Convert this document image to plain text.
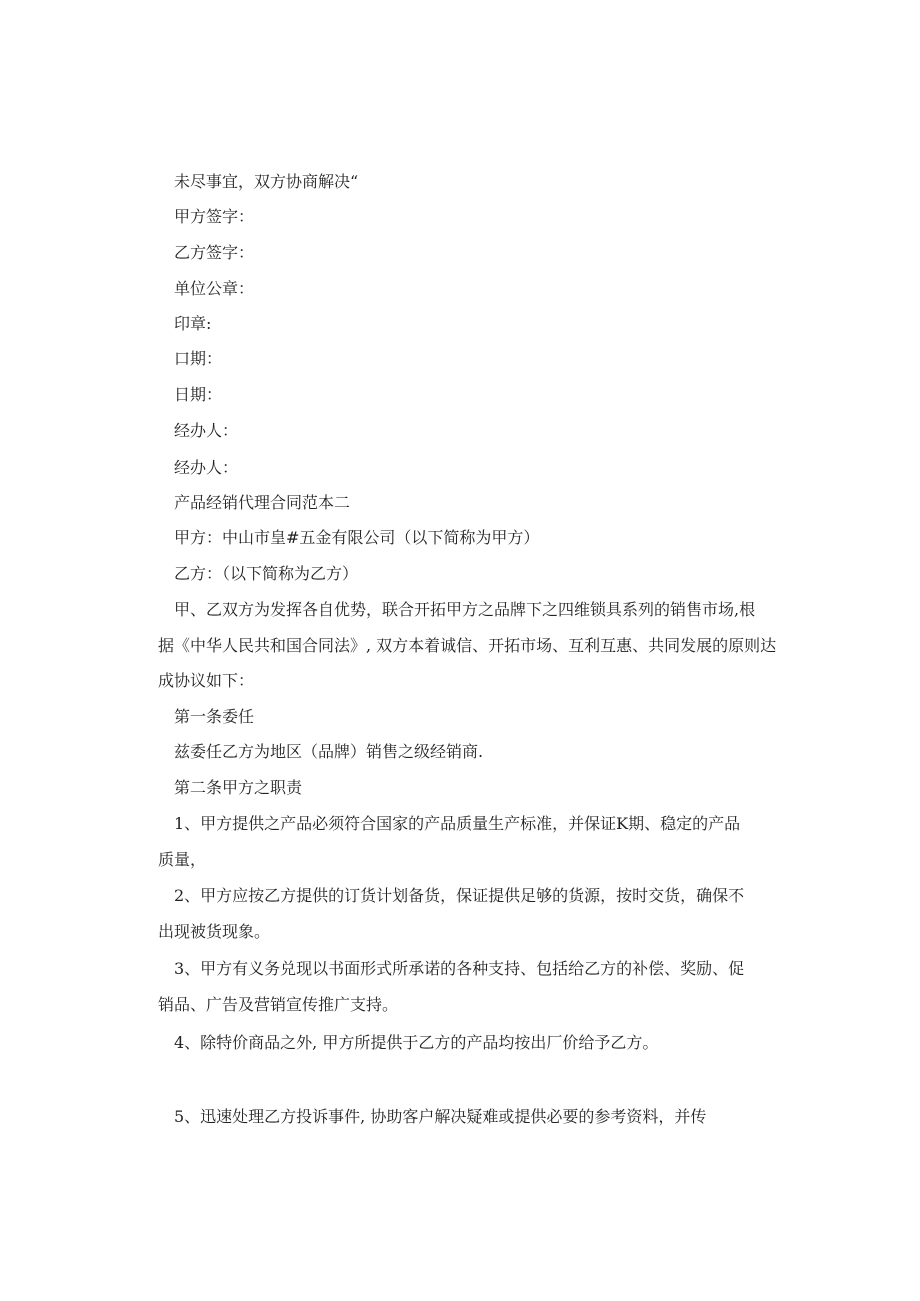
未尽事宜，双方协商解决“
甲方签字：
乙方签字：
单位公章：
印章:
口期：
日期：
经办人：
经办人：
产品经销代理合同范本二
甲方：中山市皇#五金有限公司（以下简称为甲方）
乙方：（以下简称为乙方）
甲、乙双方为发挥各自优势，联合开拓甲方之品牌下之四维锁具系列的销售市场,根
据《中华人民共和国合同法》, 双方本着诚信、开拓市场、互利互惠、共同发展的原则达
成协议如下：
第一条委任
兹委任乙方为地区（品牌）销售之级经销商.
第二条甲方之职责
1、甲方提供之产品必须符合国家的产品质量生产标准，并保证K期、稳定的产品
质量，
2、甲方应按乙方提供的订货计划备货，保证提供足够的货源，按时交货，确保不
出现被货现象。
3、甲方有义务兑现以书面形式所承诺的各种支持、包括给乙方的补偿、奖励、促
销品、广告及营销宣传推广支持。
4、除特价商品之外, 甲方所提供于乙方的产品均按出厂价给予乙方。
5、迅速处理乙方投诉事件, 协助客户解决疑难或提供必要的参考资料，并传
